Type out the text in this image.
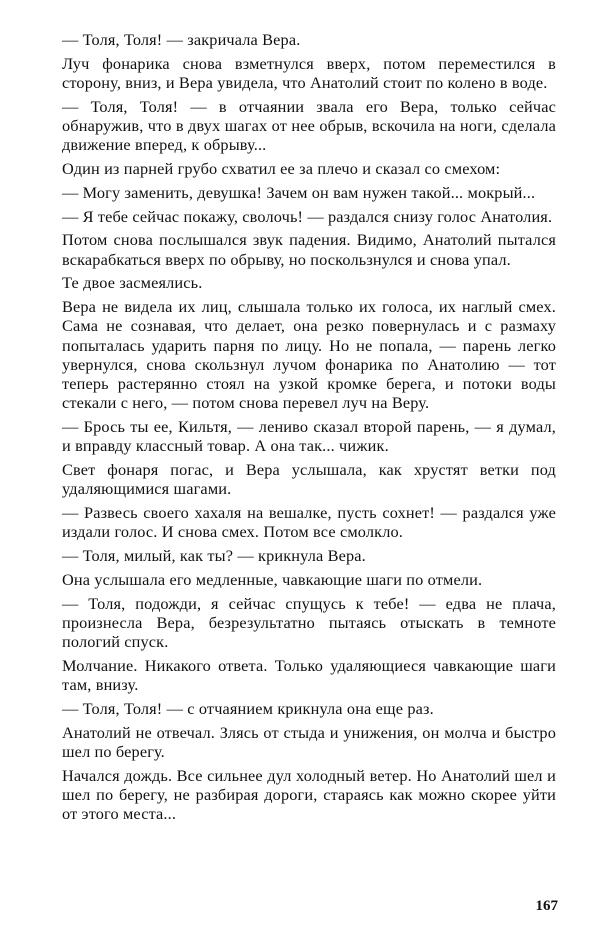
— Толя, Толя! — закричала Вера.

Луч фонарика снова взметнулся вверх, потом переместился в сторону, вниз, и Вера увидела, что Анатолий стоит по колено в воде.

— Толя, Толя! — в отчаянии звала его Вера, только сейчас обнаружив, что в двух шагах от нее обрыв, вскочила на ноги, сделала движение вперед, к обрыву...

Один из парней грубо схватил ее за плечо и сказал со смехом:

— Могу заменить, девушка! Зачем он вам нужен такой... мокрый...

— Я тебе сейчас покажу, сволочь! — раздался снизу голос Анатолия.

Потом снова послышался звук падения. Видимо, Анатолий пытался вскарабкаться вверх по обрыву, но поскользнулся и снова упал.

Те двое засмеялись.

Вера не видела их лиц, слышала только их голоса, их наглый смех. Сама не сознавая, что делает, она резко повернулась и с размаху попыталась ударить парня по лицу. Но не попала, — парень легко увернулся, снова скользнул лучом фонарика по Анатолию — тот теперь растерянно стоял на узкой кромке берега, и потоки воды стекали с него, — потом снова перевел луч на Веру.

— Брось ты ее, Кильтя, — лениво сказал второй парень, — я думал, и вправду классный товар. А она так... чижик.

Свет фонаря погас, и Вера услышала, как хрустят ветки под удаляющимися шагами.

— Развесь своего хахаля на вешалке, пусть сохнет! — раздался уже издали голос. И снова смех. Потом все смолкло.

— Толя, милый, как ты? — крикнула Вера.

Она услышала его медленные, чавкающие шаги по отмели.

— Толя, подожди, я сейчас спущусь к тебе! — едва не плача, произнесла Вера, безрезультатно пытаясь отыскать в темноте пологий спуск.

Молчание. Никакого ответа. Только удаляющиеся чавкающие шаги там, внизу.

— Толя, Толя! — с отчаянием крикнула она еще раз.

Анатолий не отвечал. Злясь от стыда и унижения, он молча и быстро шел по берегу.

Начался дождь. Все сильнее дул холодный ветер. Но Анатолий шел и шел по берегу, не разбирая дороги, стараясь как можно скорее уйти от этого места...

167
